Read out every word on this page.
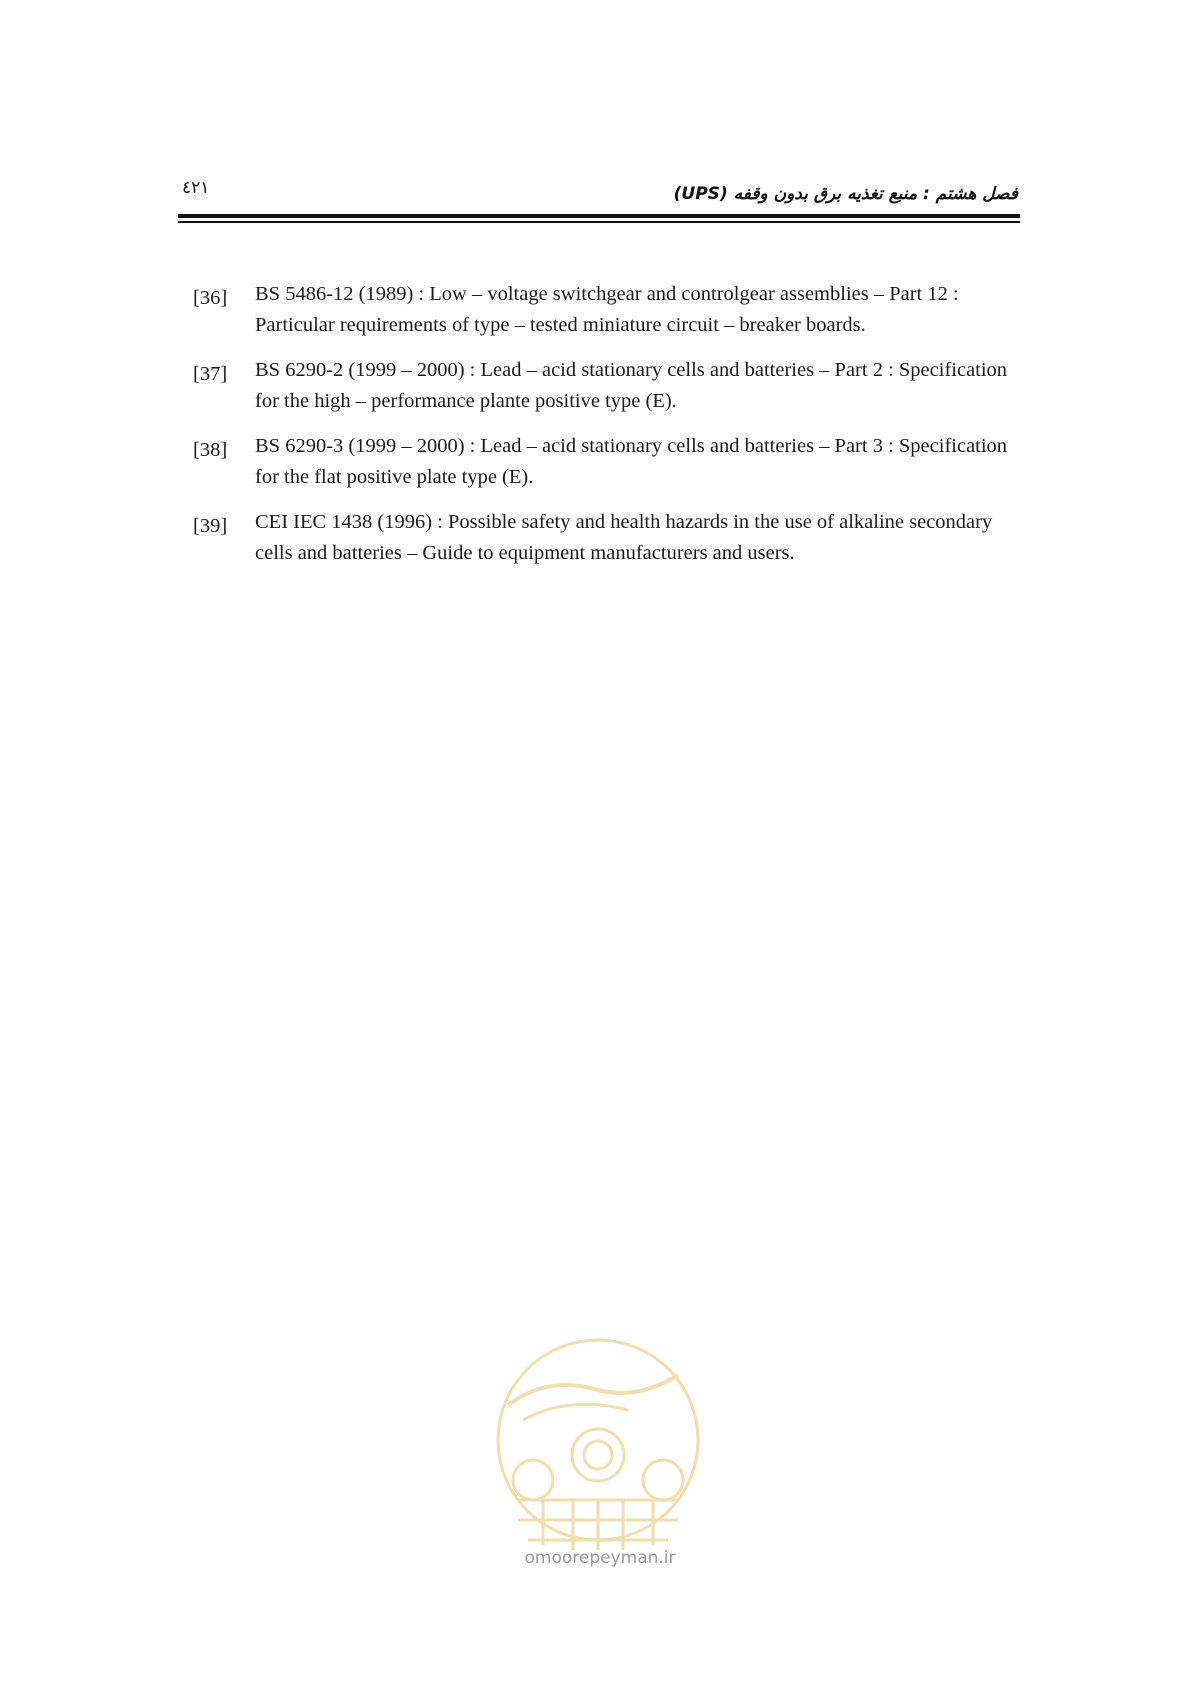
٤٢١	فصل هشتم : منبع تغذیه برق بدون وقفه (UPS)
[36]	BS 5486-12 (1989) : Low – voltage switchgear and controlgear assemblies – Part 12 : Particular requirements of type – tested miniature circuit – breaker boards.
[37]	BS 6290-2 (1999 – 2000) : Lead – acid stationary cells and batteries – Part 2 : Specification for the high – performance plante positive type (E).
[38]	BS 6290-3 (1999 – 2000) : Lead – acid stationary cells and batteries – Part 3 : Specification for the flat positive plate type (E).
[39]	CEI IEC 1438 (1996) : Possible safety and health hazards in the use of alkaline secondary cells and batteries – Guide to equipment manufacturers and users.
omoorepeyman.ir
